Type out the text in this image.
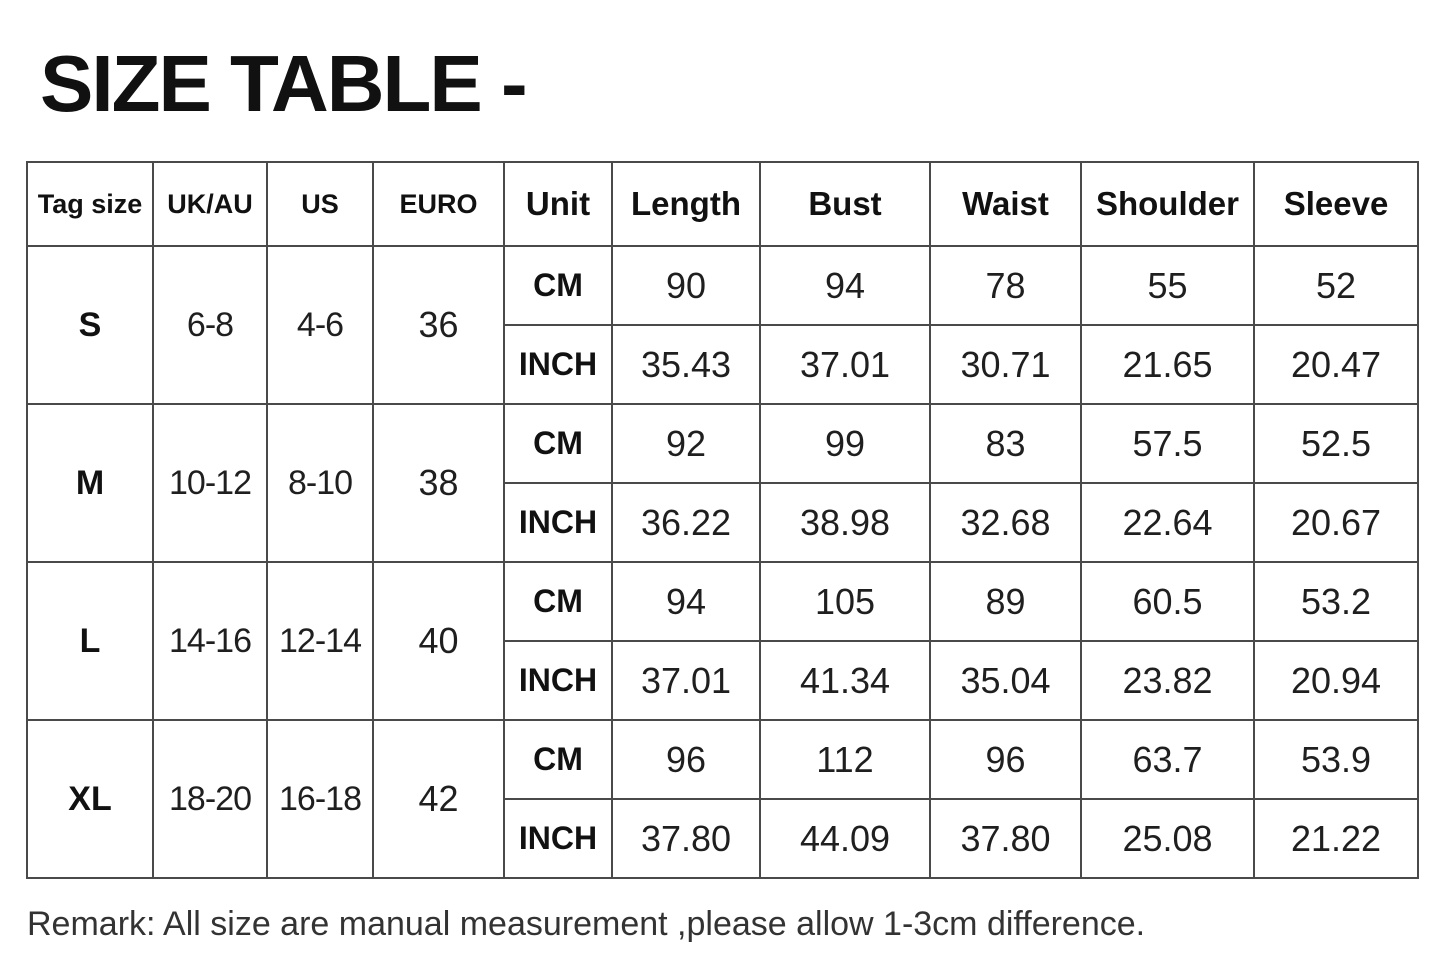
SIZE TABLE -
Tag size	UK/AU	US	EURO	Unit	Length	Bust	Waist	Shoulder	Sleeve
S	6-8	4-6	36	CM	90	94	78	55	52
				INCH	35.43	37.01	30.71	21.65	20.47
M	10-12	8-10	38	CM	92	99	83	57.5	52.5
				INCH	36.22	38.98	32.68	22.64	20.67
L	14-16	12-14	40	CM	94	105	89	60.5	53.2
				INCH	37.01	41.34	35.04	23.82	20.94
XL	18-20	16-18	42	CM	96	112	96	63.7	53.9
				INCH	37.80	44.09	37.80	25.08	21.22
Remark: All size are manual measurement ,please allow 1-3cm difference.
